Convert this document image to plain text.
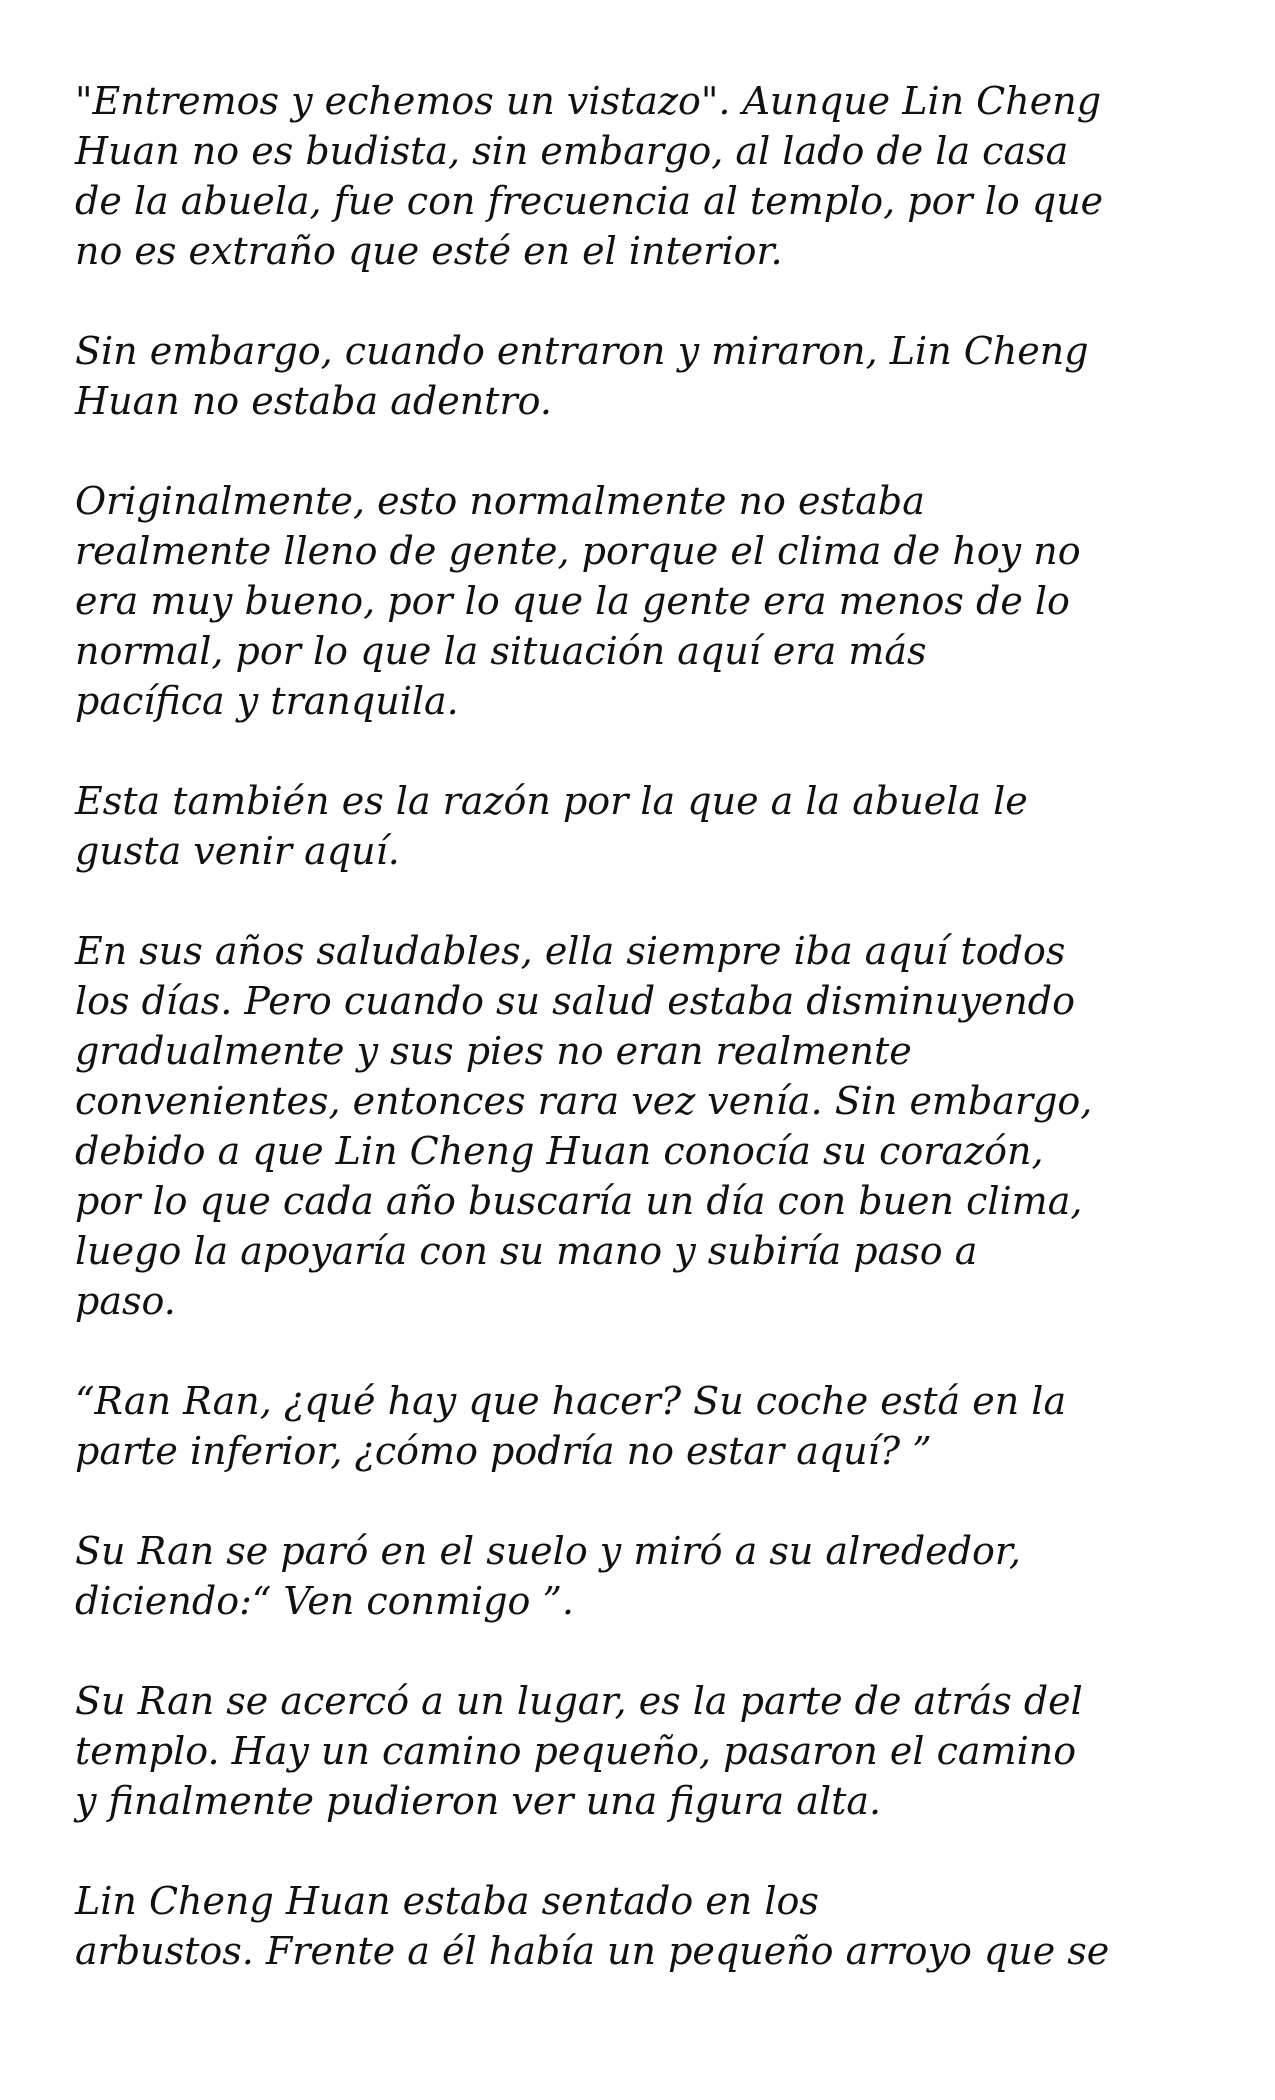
"Entremos y echemos un vistazo". Aunque Lin Cheng
Huan no es budista, sin embargo, al lado de la casa
de la abuela, fue con frecuencia al templo, por lo que
no es extraño que esté en el interior.

Sin embargo, cuando entraron y miraron, Lin Cheng
Huan no estaba adentro.

Originalmente, esto normalmente no estaba
realmente lleno de gente, porque el clima de hoy no
era muy bueno, por lo que la gente era menos de lo
normal, por lo que la situación aquí era más
pacífica y tranquila.

Esta también es la razón por la que a la abuela le
gusta venir aquí.

En sus años saludables, ella siempre iba aquí todos
los días. Pero cuando su salud estaba disminuyendo
gradualmente y sus pies no eran realmente
convenientes, entonces rara vez venía. Sin embargo,
debido a que Lin Cheng Huan conocía su corazón,
por lo que cada año buscaría un día con buen clima,
luego la apoyaría con su mano y subiría paso a
paso.

“Ran Ran, ¿qué hay que hacer? Su coche está en la
parte inferior, ¿cómo podría no estar aquí? ”

Su Ran se paró en el suelo y miró a su alrededor,
diciendo:“ Ven conmigo ”.

Su Ran se acercó a un lugar, es la parte de atrás del
templo. Hay un camino pequeño, pasaron el camino
y finalmente pudieron ver una figura alta.

Lin Cheng Huan estaba sentado en los
arbustos. Frente a él había un pequeño arroyo que se
